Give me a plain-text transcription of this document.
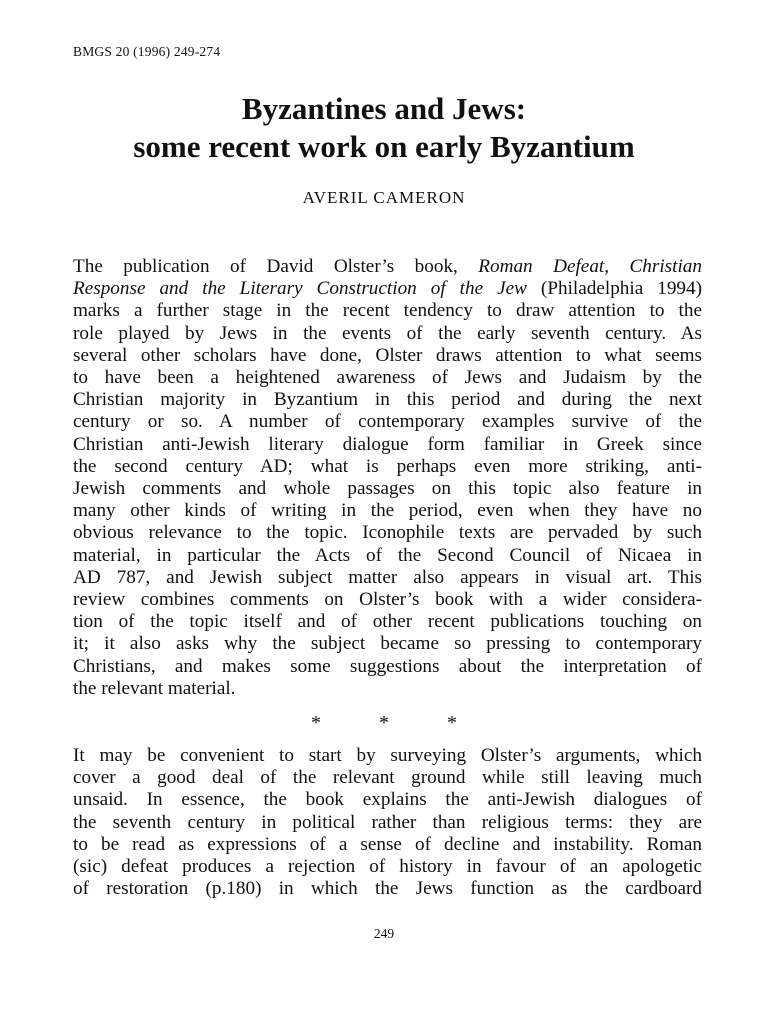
BMGS 20 (1996) 249-274
Byzantines and Jews:
some recent work on early Byzantium
AVERIL CAMERON
The publication of David Olster’s book, Roman Defeat, Christian
Response and the Literary Construction of the Jew (Philadelphia 1994)
marks a further stage in the recent tendency to draw attention to the
role played by Jews in the events of the early seventh century. As
several other scholars have done, Olster draws attention to what seems
to have been a heightened awareness of Jews and Judaism by the
Christian majority in Byzantium in this period and during the next
century or so. A number of contemporary examples survive of the
Christian anti-Jewish literary dialogue form familiar in Greek since
the second century AD; what is perhaps even more striking, anti-
Jewish comments and whole passages on this topic also feature in
many other kinds of writing in the period, even when they have no
obvious relevance to the topic. Iconophile texts are pervaded by such
material, in particular the Acts of the Second Council of Nicaea in
AD 787, and Jewish subject matter also appears in visual art. This
review combines comments on Olster’s book with a wider considera-
tion of the topic itself and of other recent publications touching on
it; it also asks why the subject became so pressing to contemporary
Christians, and makes some suggestions about the interpretation of
the relevant material.
*	*	*
It may be convenient to start by surveying Olster’s arguments, which
cover a good deal of the relevant ground while still leaving much
unsaid. In essence, the book explains the anti-Jewish dialogues of
the seventh century in political rather than religious terms: they are
to be read as expressions of a sense of decline and instability. Roman
(sic) defeat produces a rejection of history in favour of an apologetic
of restoration (p.180) in which the Jews function as the cardboard
249
